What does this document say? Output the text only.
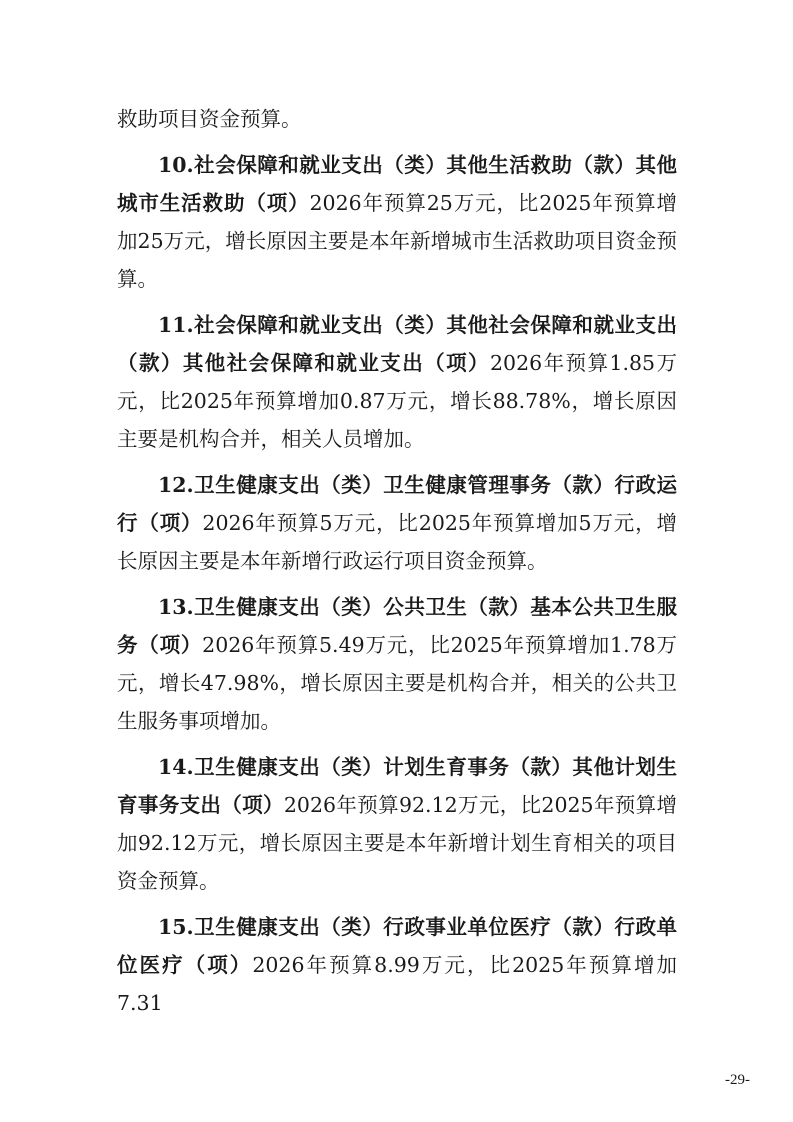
救助项目资金预算。

10.社会保障和就业支出（类）其他生活救助（款）其他城市生活救助（项）2026年预算25万元，比2025年预算增加25万元，增长原因主要是本年新增城市生活救助项目资金预算。

11.社会保障和就业支出（类）其他社会保障和就业支出（款）其他社会保障和就业支出（项）2026年预算1.85万元，比2025年预算增加0.87万元，增长88.78%，增长原因主要是机构合并，相关人员增加。

12.卫生健康支出（类）卫生健康管理事务（款）行政运行（项）2026年预算5万元，比2025年预算增加5万元，增长原因主要是本年新增行政运行项目资金预算。

13.卫生健康支出（类）公共卫生（款）基本公共卫生服务（项）2026年预算5.49万元，比2025年预算增加1.78万元，增长47.98%，增长原因主要是机构合并，相关的公共卫生服务事项增加。

14.卫生健康支出（类）计划生育事务（款）其他计划生育事务支出（项）2026年预算92.12万元，比2025年预算增加92.12万元，增长原因主要是本年新增计划生育相关的项目资金预算。

15.卫生健康支出（类）行政事业单位医疗（款）行政单位医疗（项）2026年预算8.99万元，比2025年预算增加7.31

-29-
